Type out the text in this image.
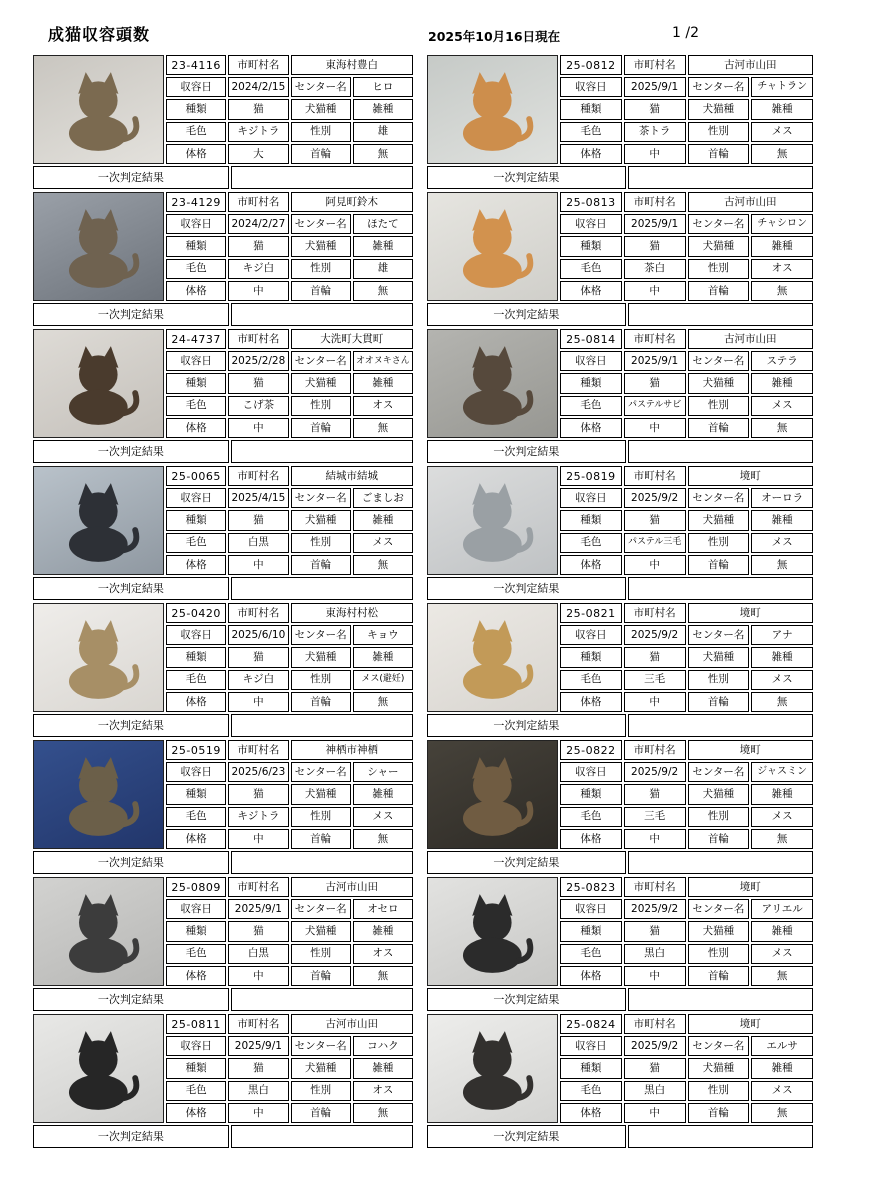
成猫収容頭数	2025年10月16日現在	1 /2
23-4116	市町村名	東海村豊白
収容日	2024/2/15 センター名	ヒロ
種類	猫	犬猫種	雑種
毛色	キジトラ	性別	雄
体格	大	首輪	無
一次判定結果
23-4129	市町村名	阿見町鈴木
収容日	2024/2/27 センター名	ほたて
種類	猫	犬猫種	雑種
毛色	キジ白	性別	雄
体格	中	首輪	無
一次判定結果
24-4737	市町村名	大洗町大貫町
収容日	2025/2/28 センター名	オオヌキさん
種類	猫	犬猫種	雑種
毛色	こげ茶	性別	オス
体格	中	首輪	無
一次判定結果
25-0065	市町村名	結城市結城
収容日	2025/4/15 センター名	ごましお
種類	猫	犬猫種	雑種
毛色	白黒	性別	メス
体格	中	首輪	無
一次判定結果
25-0420	市町村名	東海村村松
収容日	2025/6/10 センター名	キョウ
種類	猫	犬猫種	雑種
毛色	キジ白	性別	メス(避妊)
体格	中	首輪	無
一次判定結果
25-0519	市町村名	神栖市神栖
収容日	2025/6/23 センター名	シャー
種類	猫	犬猫種	雑種
毛色	キジトラ	性別	メス
体格	中	首輪	無
一次判定結果
25-0809	市町村名	古河市山田
収容日	2025/9/1	センター名	オセロ
種類	猫	犬猫種	雑種
毛色	白黒	性別	オス
体格	中	首輪	無
一次判定結果
25-0811	市町村名	古河市山田
収容日	2025/9/1	センター名	コハク
種類	猫	犬猫種	雑種
毛色	黒白	性別	オス
体格	中	首輪	無
一次判定結果
25-0812	市町村名	古河市山田
収容日	2025/9/1	センター名	チャトラン
種類	猫	犬猫種	雑種
毛色	茶トラ	性別	メス
体格	中	首輪	無
一次判定結果
25-0813	市町村名	古河市山田
収容日	2025/9/1	センター名	チャシロン
種類	猫	犬猫種	雑種
毛色	茶白	性別	オス
体格	中	首輪	無
一次判定結果
25-0814	市町村名	古河市山田
収容日	2025/9/1	センター名	ステラ
種類	猫	犬猫種	雑種
毛色	パステルサビ	性別	メス
体格	中	首輪	無
一次判定結果
25-0819	市町村名	境町
収容日	2025/9/2	センター名	オーロラ
種類	猫	犬猫種	雑種
毛色	パステル三毛	性別	メス
体格	中	首輪	無
一次判定結果
25-0821	市町村名	境町
収容日	2025/9/2	センター名	アナ
種類	猫	犬猫種	雑種
毛色	三毛	性別	メス
体格	中	首輪	無
一次判定結果
25-0822	市町村名	境町
収容日	2025/9/2	センター名	ジャスミン
種類	猫	犬猫種	雑種
毛色	三毛	性別	メス
体格	中	首輪	無
一次判定結果
25-0823	市町村名	境町
収容日	2025/9/2	センター名	アリエル
種類	猫	犬猫種	雑種
毛色	黒白	性別	メス
体格	中	首輪	無
一次判定結果
25-0824	市町村名	境町
収容日	2025/9/2	センター名	エルサ
種類	猫	犬猫種	雑種
毛色	黒白	性別	メス
体格	中	首輪	無
一次判定結果
